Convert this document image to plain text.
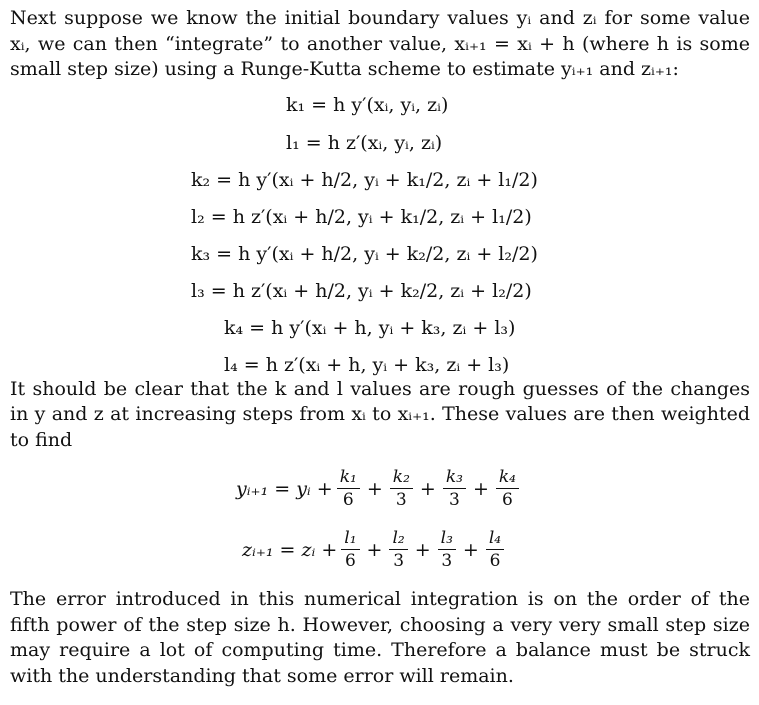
Next suppose we know the initial boundary values yᵢ and zᵢ for some value xᵢ, we can then “integrate” to another value, xᵢ₊₁ = xᵢ + h (where h is some small step size) using a Runge-Kutta scheme to estimate yᵢ₊₁ and zᵢ₊₁:

k₁ = h y′(xᵢ, yᵢ, zᵢ)
l₁ = h z′(xᵢ, yᵢ, zᵢ)
k₂ = h y′(xᵢ + h/2, yᵢ + k₁/2, zᵢ + l₁/2)
l₂ = h z′(xᵢ + h/2, yᵢ + k₁/2, zᵢ + l₁/2)
k₃ = h y′(xᵢ + h/2, yᵢ + k₂/2, zᵢ + l₂/2)
l₃ = h z′(xᵢ + h/2, yᵢ + k₂/2, zᵢ + l₂/2)
k₄ = h y′(xᵢ + h, yᵢ + k₃, zᵢ + l₃)
l₄ = h z′(xᵢ + h, yᵢ + k₃, zᵢ + l₃)

It should be clear that the k and l values are rough guesses of the changes in y and z at increasing steps from xᵢ to xᵢ₊₁. These values are then weighted to find

yᵢ₊₁ = yᵢ + $\frac{\text{k₁}}{6} + \frac{\text{k₂}}{3} + \frac{\text{k₃}}{3} + \frac{\text{k₄}}{6}$
zᵢ₊₁ = zᵢ + $\frac{\text{l₁}}{6} + \frac{\text{l₂}}{3} + \frac{\text{l₃}}{3} + \frac{\text{l₄}}{6}$

The error introduced in this numerical integration is on the order of the fifth power of the step size h. However, choosing a very very small step size may require a lot of computing time. Therefore a balance must be struck with the understanding that some error will remain.
